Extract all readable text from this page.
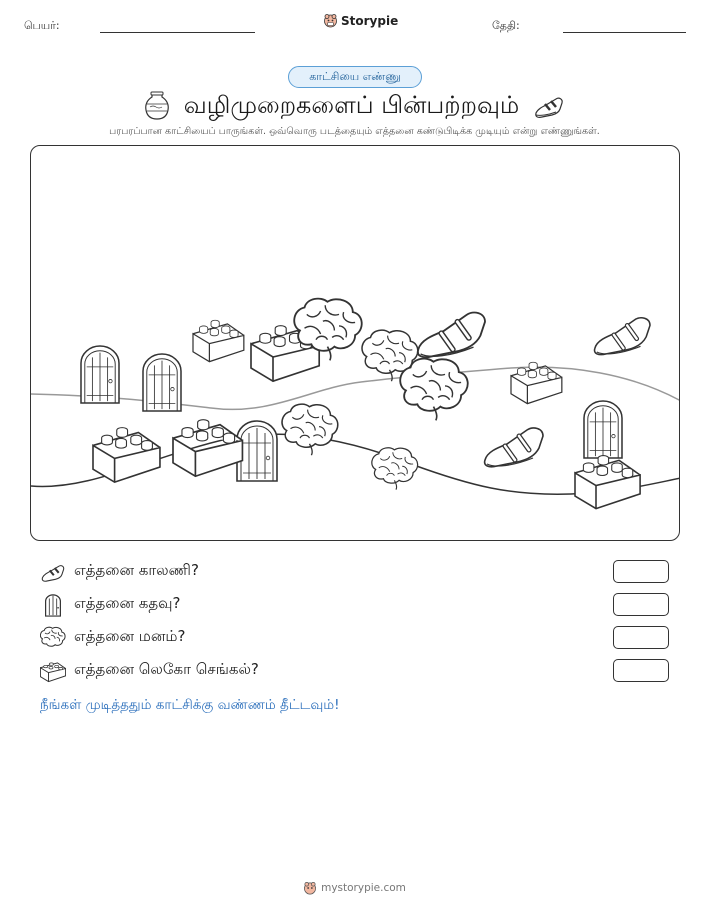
பெயர்:	Storypie	தேதி:
காட்சியை எண்ணு
வழிமுறைகளைப் பின்பற்றவும்
பரபரப்பான காட்சியைப் பாருங்கள். ஒவ்வொரு படத்தையும் எத்தனை கண்டுபிடிக்க முடியும் என்று எண்ணுங்கள்.
எத்தனை காலணி?
எத்தனை கதவு?
எத்தனை மனம்?
எத்தனை லெகோ செங்கல்?
நீங்கள் முடித்ததும் காட்சிக்கு வண்ணம் தீட்டவும்!
mystorypie.com
